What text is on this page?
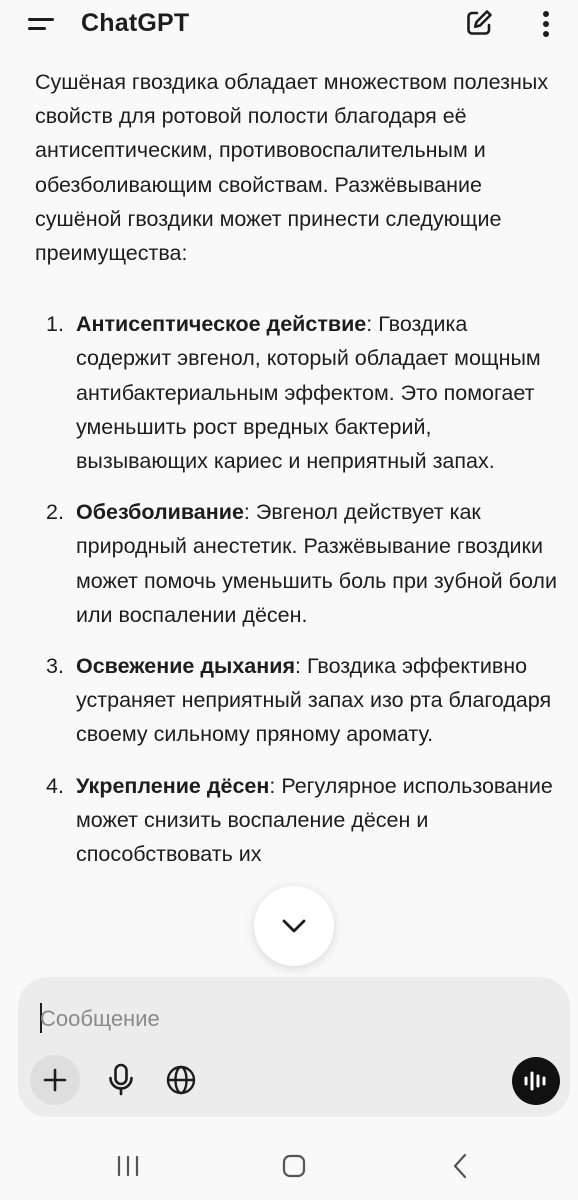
ChatGPT

Сушёная гвоздика обладает множеством полезных свойств для ротовой полости благодаря её антисептическим, противовоспалительным и обезболивающим свойствам. Разжёвывание сушёной гвоздики может принести следующие преимущества:

1. Антисептическое действие: Гвоздика содержит эвгенол, который обладает мощным антибактериальным эффектом. Это помогает уменьшить рост вредных бактерий, вызывающих кариес и неприятный запах.
2. Обезболивание: Эвгенол действует как природный анестетик. Разжёвывание гвоздики может помочь уменьшить боль при зубной боли или воспалении дёсен.
3. Освежение дыхания: Гвоздика эффективно устраняет неприятный запах изо рта благодаря своему сильному пряному аромату.
4. Укрепление дёсен: Регулярное использование может снизить воспаление дёсен и способствовать их
Сообщение
